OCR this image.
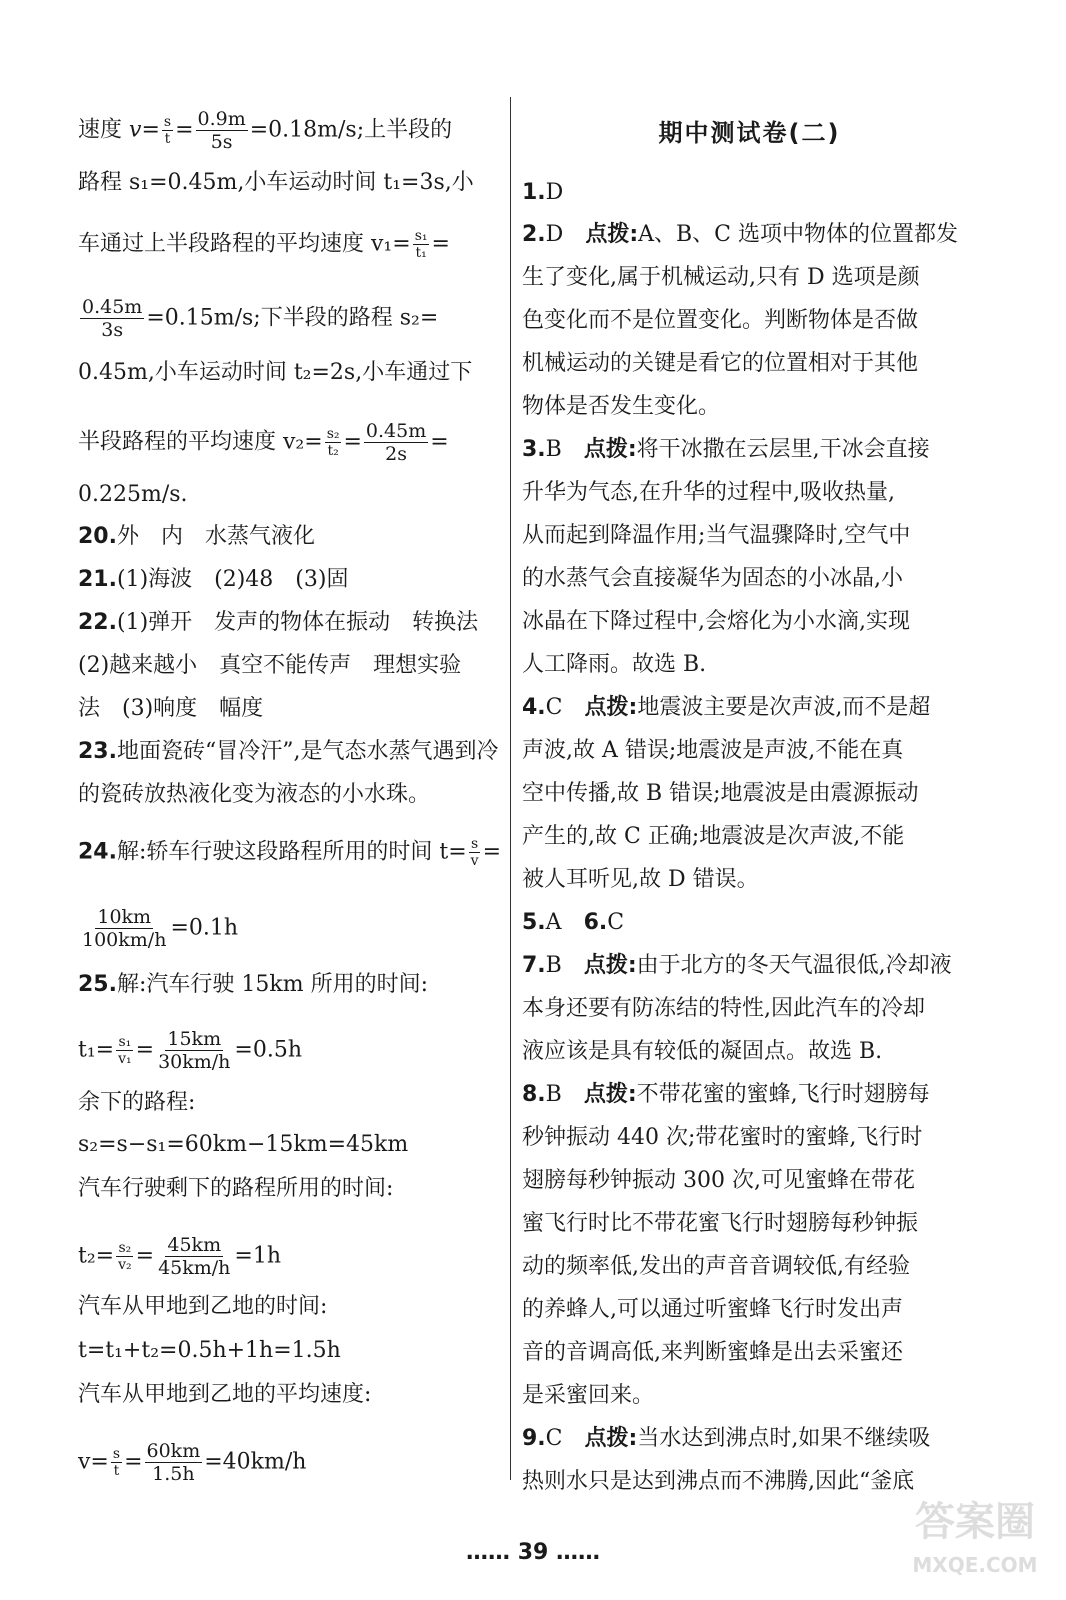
速度 $v= \frac{s}{t} = \frac{0.9m}{5s} =0.18m/s$;上半段的
路程 s₁=0.45m,小车运动时间 t₁=3s,小
车通过上半段路程的平均速度 $v_1= \frac{\text{s₁}}{\text{t₁}}$ =
$\frac{0.45m}{3s} =0.15m/s$;下半段的路程 s₂=
0.45m,小车运动时间 t₂=2s,小车通过下
半段路程的平均速度 $v_2= \frac{\text{s₂}}{\text{t₂}} = \frac{0.45m}{2s}$ =
0.225m/s.
20.外　内　水蒸气液化
21.(1)海波　(2)48　(3)固
22.(1)弹开　发声的物体在振动　转换法
(2)越来越小　真空不能传声　理想实验
法　(3)响度　幅度
23.地面瓷砖“冒冷汗”,是气态水蒸气遇到冷
的瓷砖放热液化变为液态的小水珠。
24.解:轿车行驶这段路程所用的时间 $t= \frac{s}{v}$ =
$\frac{10km}{100km/h} =0.1h$
25.解:汽车行驶 15km 所用的时间:
$t_1= \frac{\text{s₁}}{\text{v₁}} = \frac{15km}{30km/h} =0.5h$
余下的路程:
s₂=s−s₁=60km−15km=45km
汽车行驶剩下的路程所用的时间:
$t_2= \frac{\text{s₂}}{\text{v₂}} = \frac{45km}{45km/h} =1h$
汽车从甲地到乙地的时间:
t=t₁+t₂=0.5h+1h=1.5h
汽车从甲地到乙地的平均速度:
$v= \frac{s}{t} = \frac{60km}{1.5h} =40km/h$
期中测试卷(二)
1.D
2.D　点拨:A、B、C 选项中物体的位置都发
生了变化,属于机械运动,只有 D 选项是颜
色变化而不是位置变化。判断物体是否做
机械运动的关键是看它的位置相对于其他
物体是否发生变化。
3.B　点拨:将干冰撒在云层里,干冰会直接
升华为气态,在升华的过程中,吸收热量,
从而起到降温作用;当气温骤降时,空气中
的水蒸气会直接凝华为固态的小冰晶,小
冰晶在下降过程中,会熔化为小水滴,实现
人工降雨。故选 B.
4.C　点拨:地震波主要是次声波,而不是超
声波,故 A 错误;地震波是声波,不能在真
空中传播,故 B 错误;地震波是由震源振动
产生的,故 C 正确;地震波是次声波,不能
被人耳听见,故 D 错误。
5.A　6.C
7.B　点拨:由于北方的冬天气温很低,冷却液
本身还要有防冻结的特性,因此汽车的冷却
液应该是具有较低的凝固点。故选 B.
8.B　点拨:不带花蜜的蜜蜂,飞行时翅膀每
秒钟振动 440 次;带花蜜时的蜜蜂,飞行时
翅膀每秒钟振动 300 次,可见蜜蜂在带花
蜜飞行时比不带花蜜飞行时翅膀每秒钟振
动的频率低,发出的声音音调较低,有经验
的养蜂人,可以通过听蜜蜂飞行时发出声
音的音调高低,来判断蜜蜂是出去采蜜还
是采蜜回来。
9.C　点拨:当水达到沸点时,如果不继续吸
热则水只是达到沸点而不沸腾,因此“釜底
…… 39 ……
答案圈
MXQE.COM
